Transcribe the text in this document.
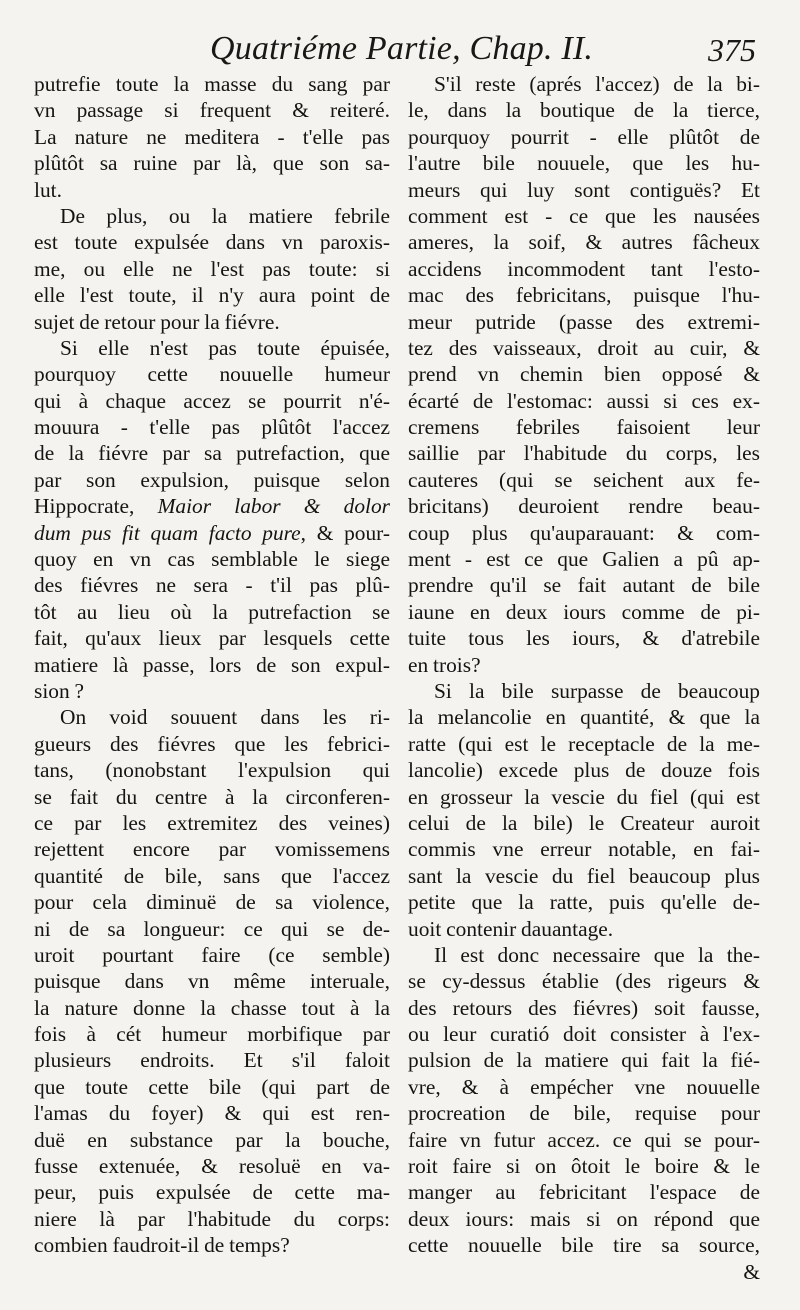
Quatriéme Partie, Chap. II.	375
putrefie toute la masse du sang par
vn passage si frequent & reiteré.
La nature ne meditera - t'elle pas
plûtôt sa ruine par là, que son sa-
lut.
De plus, ou la matiere febrile
est toute expulsée dans vn paroxis-
me, ou elle ne l'est pas toute: si
elle l'est toute, il n'y aura point de
sujet de retour pour la fiévre.
Si elle n'est pas toute épuisée,
pourquoy cette nouuelle humeur
qui à chaque accez se pourrit n'é-
mouura - t'elle pas plûtôt l'accez
de la fiévre par sa putrefaction, que
par son expulsion, puisque selon
Hippocrate, Maior labor & dolor
dum pus fit quam facto pure, & pour-
quoy en vn cas semblable le siege
des fiévres ne sera - t'il pas plû-
tôt au lieu où la putrefaction se
fait, qu'aux lieux par lesquels cette
matiere là passe, lors de son expul-
sion ?
On void souuent dans les ri-
gueurs des fiévres que les febrici-
tans, (nonobstant l'expulsion qui
se fait du centre à la circonferen-
ce par les extremitez des veines)
rejettent encore par vomissemens
quantité de bile, sans que l'accez
pour cela diminuë de sa violence,
ni de sa longueur: ce qui se de-
uroit pourtant faire (ce semble)
puisque dans vn même interuale,
la nature donne la chasse tout à la
fois à cét humeur morbifique par
plusieurs endroits. Et s'il faloit
que toute cette bile (qui part de
l'amas du foyer) & qui est ren-
duë en substance par la bouche,
fusse extenuée, & resoluë en va-
peur, puis expulsée de cette ma-
niere là par l'habitude du corps:
combien faudroit-il de temps?
S'il reste (aprés l'accez) de la bi-
le, dans la boutique de la tierce,
pourquoy pourrit - elle plûtôt de
l'autre bile nouuele, que les hu-
meurs qui luy sont contiguës? Et
comment est - ce que les nausées
ameres, la soif, & autres fâcheux
accidens incommodent tant l'esto-
mac des febricitans, puisque l'hu-
meur putride (passe des extremi-
tez des vaisseaux, droit au cuir, &
prend vn chemin bien opposé &
écarté de l'estomac: aussi si ces ex-
cremens febriles faisoient leur
saillie par l'habitude du corps, les
cauteres (qui se seichent aux fe-
bricitans) deuroient rendre beau-
coup plus qu'auparauant: & com-
ment - est ce que Galien a pû ap-
prendre qu'il se fait autant de bile
iaune en deux iours comme de pi-
tuite tous les iours, & d'atrebile
en trois?
Si la bile surpasse de beaucoup
la melancolie en quantité, & que la
ratte (qui est le receptacle de la me-
lancolie) excede plus de douze fois
en grosseur la vescie du fiel (qui est
celui de la bile) le Createur auroit
commis vne erreur notable, en fai-
sant la vescie du fiel beaucoup plus
petite que la ratte, puis qu'elle de-
uoit contenir dauantage.
Il est donc necessaire que la the-
se cy-dessus établie (des rigeurs &
des retours des fiévres) soit fausse,
ou leur curatió doit consister à l'ex-
pulsion de la matiere qui fait la fié-
vre, & à empécher vne nouuelle
procreation de bile, requise pour
faire vn futur accez. ce qui se pour-
roit faire si on ôtoit le boire & le
manger au febricitant l'espace de
deux iours: mais si on répond que
cette nouuelle bile tire sa source,
&
